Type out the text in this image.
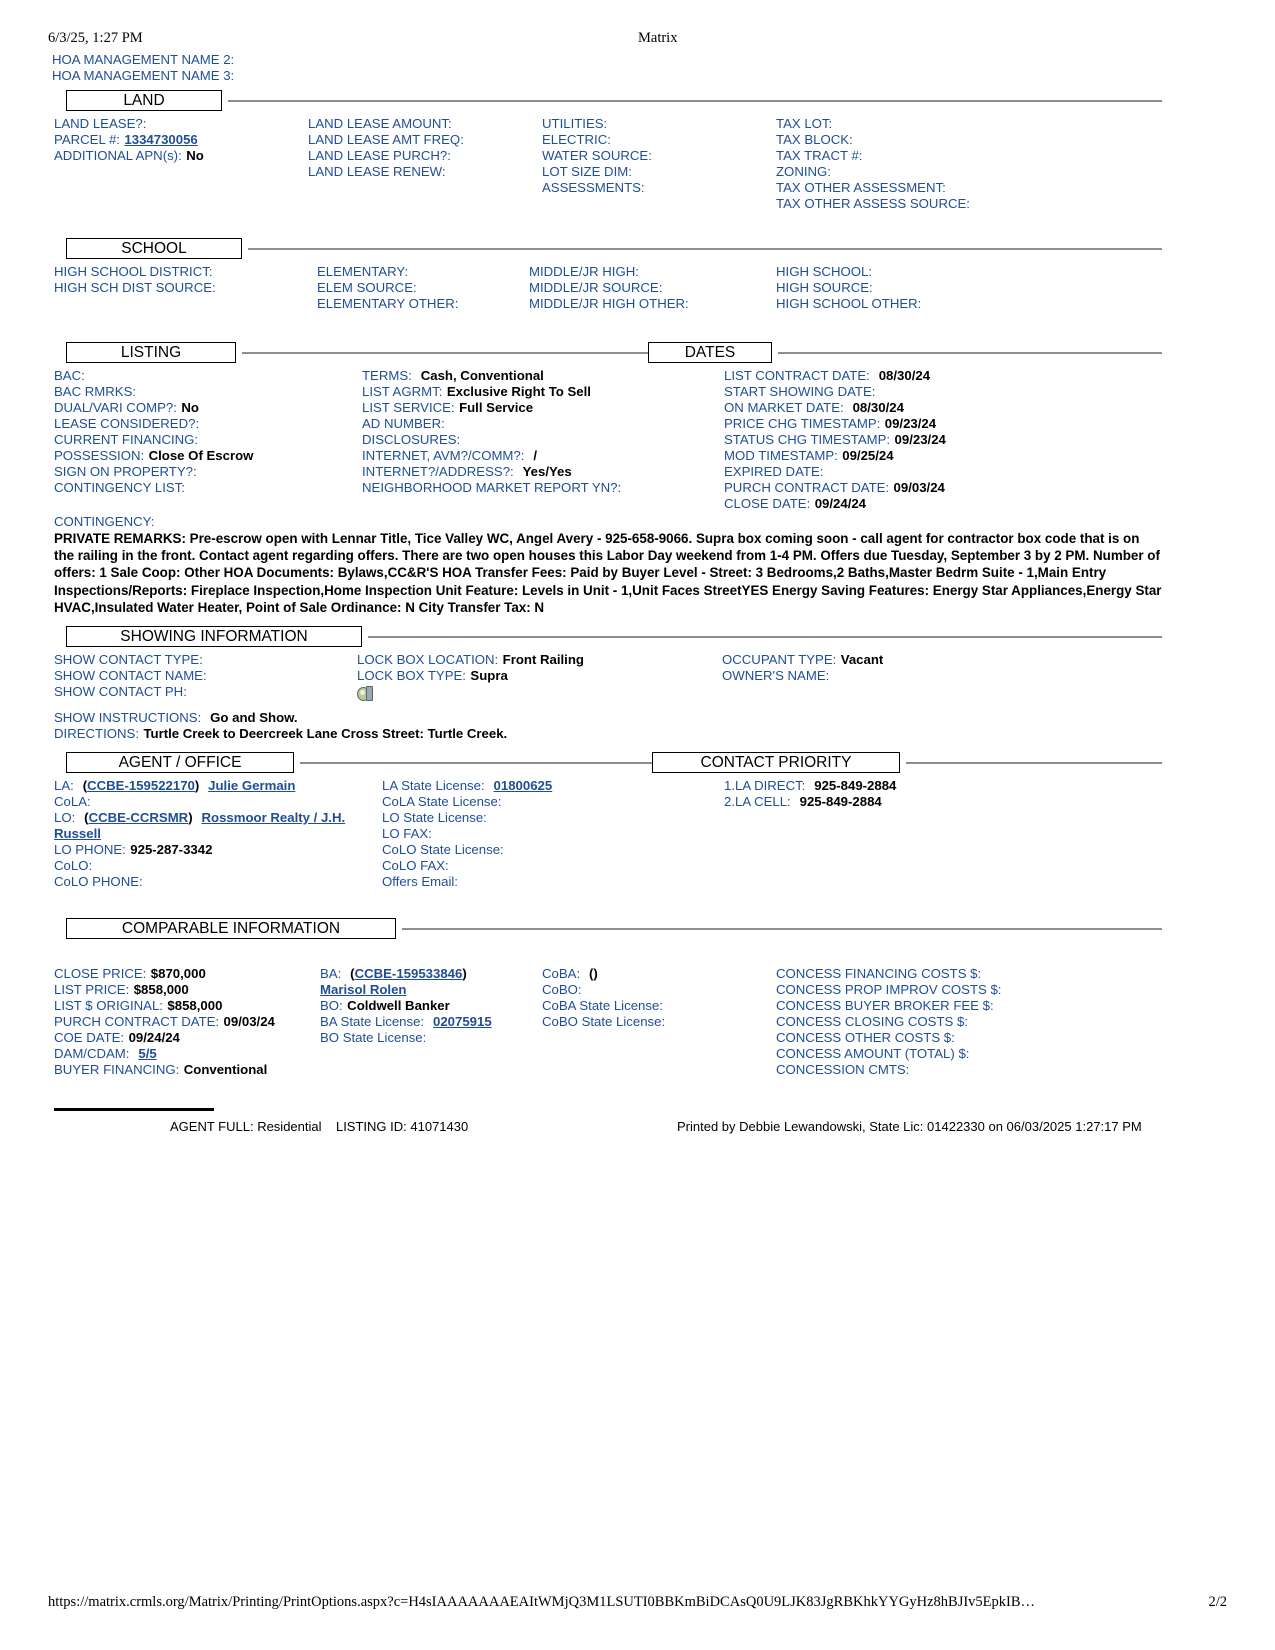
6/3/25, 1:27 PM	Matrix
HOA MANAGEMENT NAME 2:
HOA MANAGEMENT NAME 3:
LAND
LAND LEASE?:
PARCEL #: 1334730056
ADDITIONAL APN(s): No
LAND LEASE AMOUNT:
LAND LEASE AMT FREQ:
LAND LEASE PURCH?:
LAND LEASE RENEW:
UTILITIES:
ELECTRIC:
WATER SOURCE:
LOT SIZE DIM:
ASSESSMENTS:
TAX LOT:
TAX BLOCK:
TAX TRACT #:
ZONING:
TAX OTHER ASSESSMENT:
TAX OTHER ASSESS SOURCE:
SCHOOL
HIGH SCHOOL DISTRICT:
HIGH SCH DIST SOURCE:
ELEMENTARY:
ELEM SOURCE:
ELEMENTARY OTHER:
MIDDLE/JR HIGH:
MIDDLE/JR SOURCE:
MIDDLE/JR HIGH OTHER:
HIGH SCHOOL:
HIGH SOURCE:
HIGH SCHOOL OTHER:
LISTING	DATES
BAC:
BAC RMRKS:
DUAL/VARI COMP?: No
LEASE CONSIDERED?:
CURRENT FINANCING:
POSSESSION: Close Of Escrow
SIGN ON PROPERTY?:
CONTINGENCY LIST:
TERMS: Cash, Conventional
LIST AGRMT: Exclusive Right To Sell
LIST SERVICE: Full Service
AD NUMBER:
DISCLOSURES:
INTERNET, AVM?/COMM?: /
INTERNET?/ADDRESS?: Yes/Yes
NEIGHBORHOOD MARKET REPORT YN?:
LIST CONTRACT DATE: 08/30/24
START SHOWING DATE:
ON MARKET DATE: 08/30/24
PRICE CHG TIMESTAMP: 09/23/24
STATUS CHG TIMESTAMP: 09/23/24
MOD TIMESTAMP: 09/25/24
EXPIRED DATE:
PURCH CONTRACT DATE: 09/03/24
CLOSE DATE: 09/24/24
CONTINGENCY:
PRIVATE REMARKS: Pre-escrow open with Lennar Title, Tice Valley WC, Angel Avery - 925-658-9066. Supra box coming soon - call agent for contractor box code that is on the railing in the front. Contact agent regarding offers. There are two open houses this Labor Day weekend from 1-4 PM. Offers due Tuesday, September 3 by 2 PM. Number of offers: 1 Sale Coop: Other HOA Documents: Bylaws,CC&R'S HOA Transfer Fees: Paid by Buyer Level - Street: 3 Bedrooms,2 Baths,Master Bedrm Suite - 1,Main Entry Inspections/Reports: Fireplace Inspection,Home Inspection Unit Feature: Levels in Unit - 1,Unit Faces StreetYES Energy Saving Features: Energy Star Appliances,Energy Star HVAC,Insulated Water Heater, Point of Sale Ordinance: N City Transfer Tax: N
SHOWING INFORMATION
SHOW CONTACT TYPE:
SHOW CONTACT NAME:
SHOW CONTACT PH:
LOCK BOX LOCATION: Front Railing
LOCK BOX TYPE: Supra
OCCUPANT TYPE: Vacant
OWNER'S NAME:
SHOW INSTRUCTIONS: Go and Show.
DIRECTIONS: Turtle Creek to Deercreek Lane Cross Street: Turtle Creek.
AGENT / OFFICE	CONTACT PRIORITY
LA: (CCBE-159522170) Julie Germain
CoLA:
LO: (CCBE-CCRSMR) Rossmoor Realty / J.H. Russell
LO PHONE: 925-287-3342
CoLO:
CoLO PHONE:
LA State License: 01800625
CoLA State License:
LO State License:
LO FAX:
CoLO State License:
CoLO FAX:
Offers Email:
1.LA DIRECT: 925-849-2884
2.LA CELL: 925-849-2884
COMPARABLE INFORMATION
CLOSE PRICE: $870,000
LIST PRICE: $858,000
LIST $ ORIGINAL: $858,000
PURCH CONTRACT DATE: 09/03/24
COE DATE: 09/24/24
DAM/CDAM: 5/5
BUYER FINANCING: Conventional
BA: (CCBE-159533846)
Marisol Rolen
BO: Coldwell Banker
BA State License: 02075915
BO State License:
CoBA: ()
CoBO:
CoBA State License:
CoBO State License:
CONCESS FINANCING COSTS $:
CONCESS PROP IMPROV COSTS $:
CONCESS BUYER BROKER FEE $:
CONCESS CLOSING COSTS $:
CONCESS OTHER COSTS $:
CONCESS AMOUNT (TOTAL) $:
CONCESSION CMTS:
AGENT FULL: Residential LISTING ID: 41071430	Printed by Debbie Lewandowski, State Lic: 01422330 on 06/03/2025 1:27:17 PM
https://matrix.crmls.org/Matrix/Printing/PrintOptions.aspx?c=H4sIAAAAAAAEAItWMjQ3M1LSUTI0BBKmBiDCAsQ0U9LJK83JgRBKhkYYGyHz8hBJIv5EpkIB…	2/2
